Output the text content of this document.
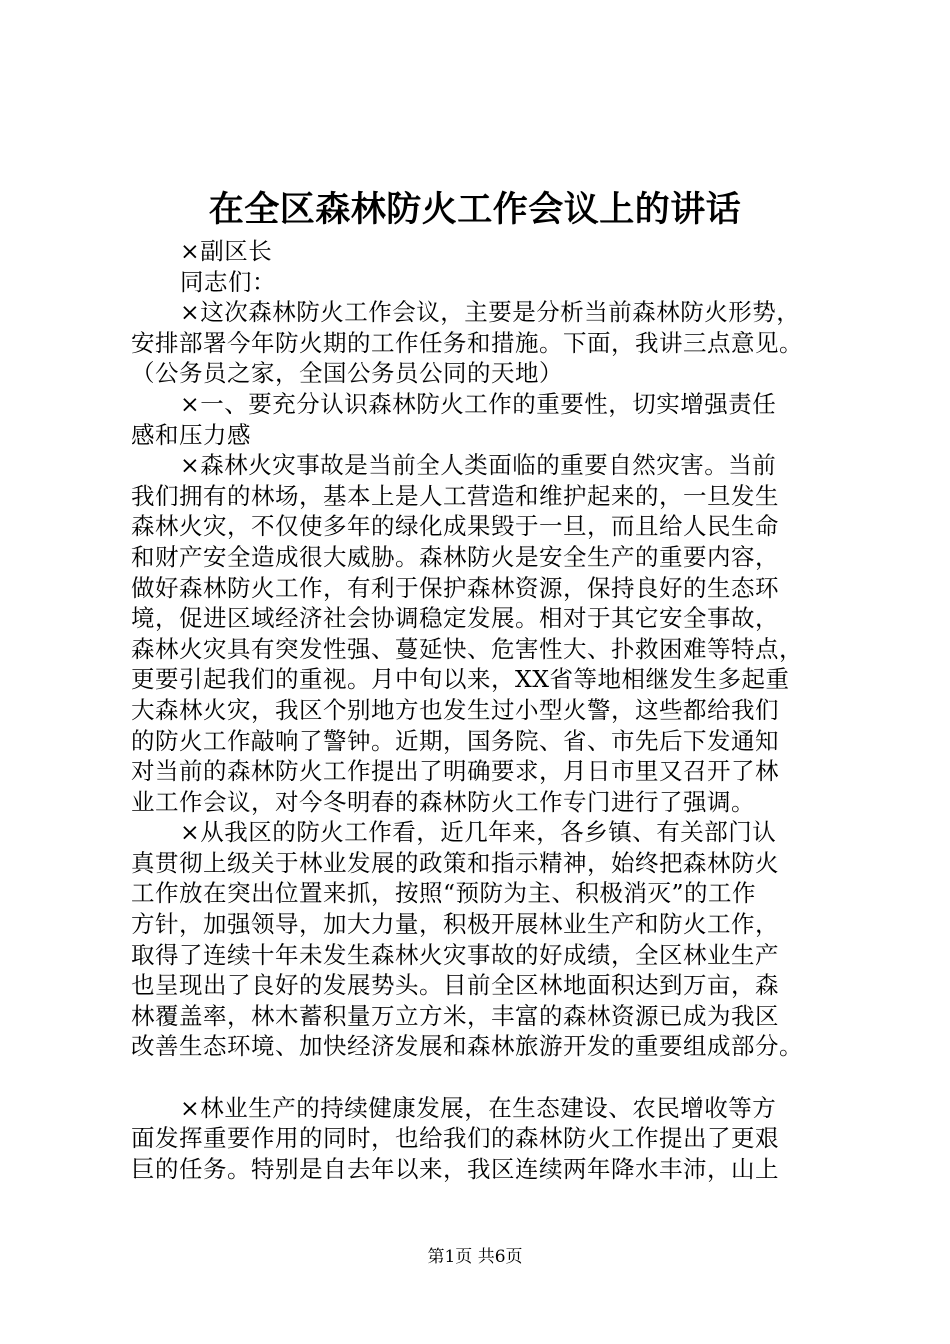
在全区森林防火工作会议上的讲话
×副区长
同志们：
×这次森林防火工作会议，主要是分析当前森林防火形势，
安排部署今年防火期的工作任务和措施。下面，我讲三点意见。
（公务员之家，全国公务员公同的天地）
×一、要充分认识森林防火工作的重要性，切实增强责任
感和压力感
×森林火灾事故是当前全人类面临的重要自然灾害。当前
我们拥有的林场，基本上是人工营造和维护起来的，一旦发生
森林火灾，不仅使多年的绿化成果毁于一旦，而且给人民生命
和财产安全造成很大威胁。森林防火是安全生产的重要内容，
做好森林防火工作，有利于保护森林资源，保持良好的生态环
境，促进区域经济社会协调稳定发展。相对于其它安全事故，
森林火灾具有突发性强、蔓延快、危害性大、扑救困难等特点，
更要引起我们的重视。月中旬以来，XX省等地相继发生多起重
大森林火灾，我区个别地方也发生过小型火警，这些都给我们
的防火工作敲响了警钟。近期，国务院、省、市先后下发通知
对当前的森林防火工作提出了明确要求，月日市里又召开了林
业工作会议，对今冬明春的森林防火工作专门进行了强调。
×从我区的防火工作看，近几年来，各乡镇、有关部门认
真贯彻上级关于林业发展的政策和指示精神，始终把森林防火
工作放在突出位置来抓，按照“预防为主、积极消灭”的工作
方针，加强领导，加大力量，积极开展林业生产和防火工作，
取得了连续十年未发生森林火灾事故的好成绩，全区林业生产
也呈现出了良好的发展势头。目前全区林地面积达到万亩，森
林覆盖率，林木蓄积量万立方米，丰富的森林资源已成为我区
改善生态环境、加快经济发展和森林旅游开发的重要组成部分。
×林业生产的持续健康发展，在生态建设、农民增收等方
面发挥重要作用的同时，也给我们的森林防火工作提出了更艰
巨的任务。特别是自去年以来，我区连续两年降水丰沛，山上
第1页 共6页
